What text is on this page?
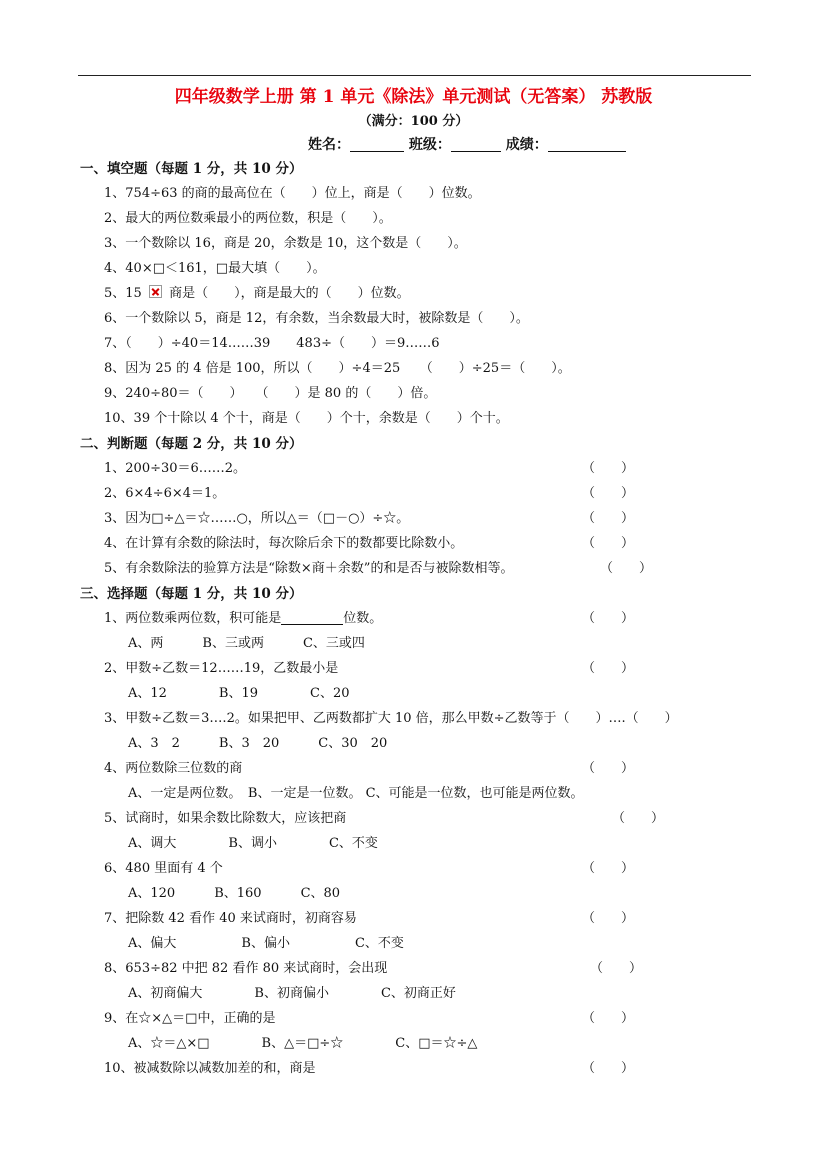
四年级数学上册 第 1 单元《除法》单元测试（无答案） 苏教版
（满分：100 分）
姓名：	班级：	成绩：
一、填空题（每题 1 分，共 10 分）
1、754÷63 的商的最高位在（　　）位上，商是（　　）位数。
2、最大的两位数乘最小的两位数，积是（　　）。
3、一个数除以 16，商是 20，余数是 10，这个数是（　　）。
4、40×□＜161，□最大填（　　）。
5、15 商是（　　），商是最大的（　　）位数。
6、一个数除以 5，商是 12，有余数，当余数最大时，被除数是（　　）。
7、（　　）÷40＝14……39　　483÷（　　）＝9……6
8、因为 25 的 4 倍是 100，所以（　　）÷4＝25　　（　　）÷25＝（　　）。
9、240÷80＝（　　）　　（　　）是 80 的（　　）倍。
10、39 个十除以 4 个十，商是（　　）个十，余数是（　　）个十。
二、判断题（每题 2 分，共 10 分）
1、200÷30＝6……2。	（　　）
2、6×4÷6×4＝1。	（　　）
3、因为□÷△＝☆……○，所以△＝（□－○）÷☆。	（　　）
4、在计算有余数的除法时，每次除后余下的数都要比除数小。	（　　）
5、有余数除法的验算方法是“除数×商＋余数”的和是否与被除数相等。	（　　）
三、选择题（每题 1 分，共 10 分）
1、两位数乘两位数，积可能是	位数。	（　　）
A、两　　　B、三或两　　　C、三或四
2、甲数÷乙数＝12……19，乙数最小是	（　　）
A、12　　　　B、19　　　　C、20
3、甲数÷乙数＝3….2。如果把甲、乙两数都扩大 10 倍，那么甲数÷乙数等于（　　）….（　　）
A、3　2　　　B、3　20　　　C、30　20
4、两位数除三位数的商	（　　）
A、一定是两位数。　B、一定是一位数。 C、可能是一位数，也可能是两位数。
5、试商时，如果余数比除数大，应该把商	（　　）
A、调大　　　　B、调小　　　　C、不变
6、480 里面有 4 个	（　　）
A、120　　　B、160　　　C、80
7、把除数 42 看作 40 来试商时，初商容易	（　　）
A、偏大　　　　　B、偏小　　　　　C、不变
8、653÷82 中把 82 看作 80 来试商时，会出现	（　　）
A、初商偏大　　　　B、初商偏小　　　　C、初商正好
9、在☆×△＝□中，正确的是	（　　）
A、☆＝△×□　　　　B、△＝□÷☆　　　　C、□＝☆÷△
10、被减数除以减数加差的和，商是	（　　）
